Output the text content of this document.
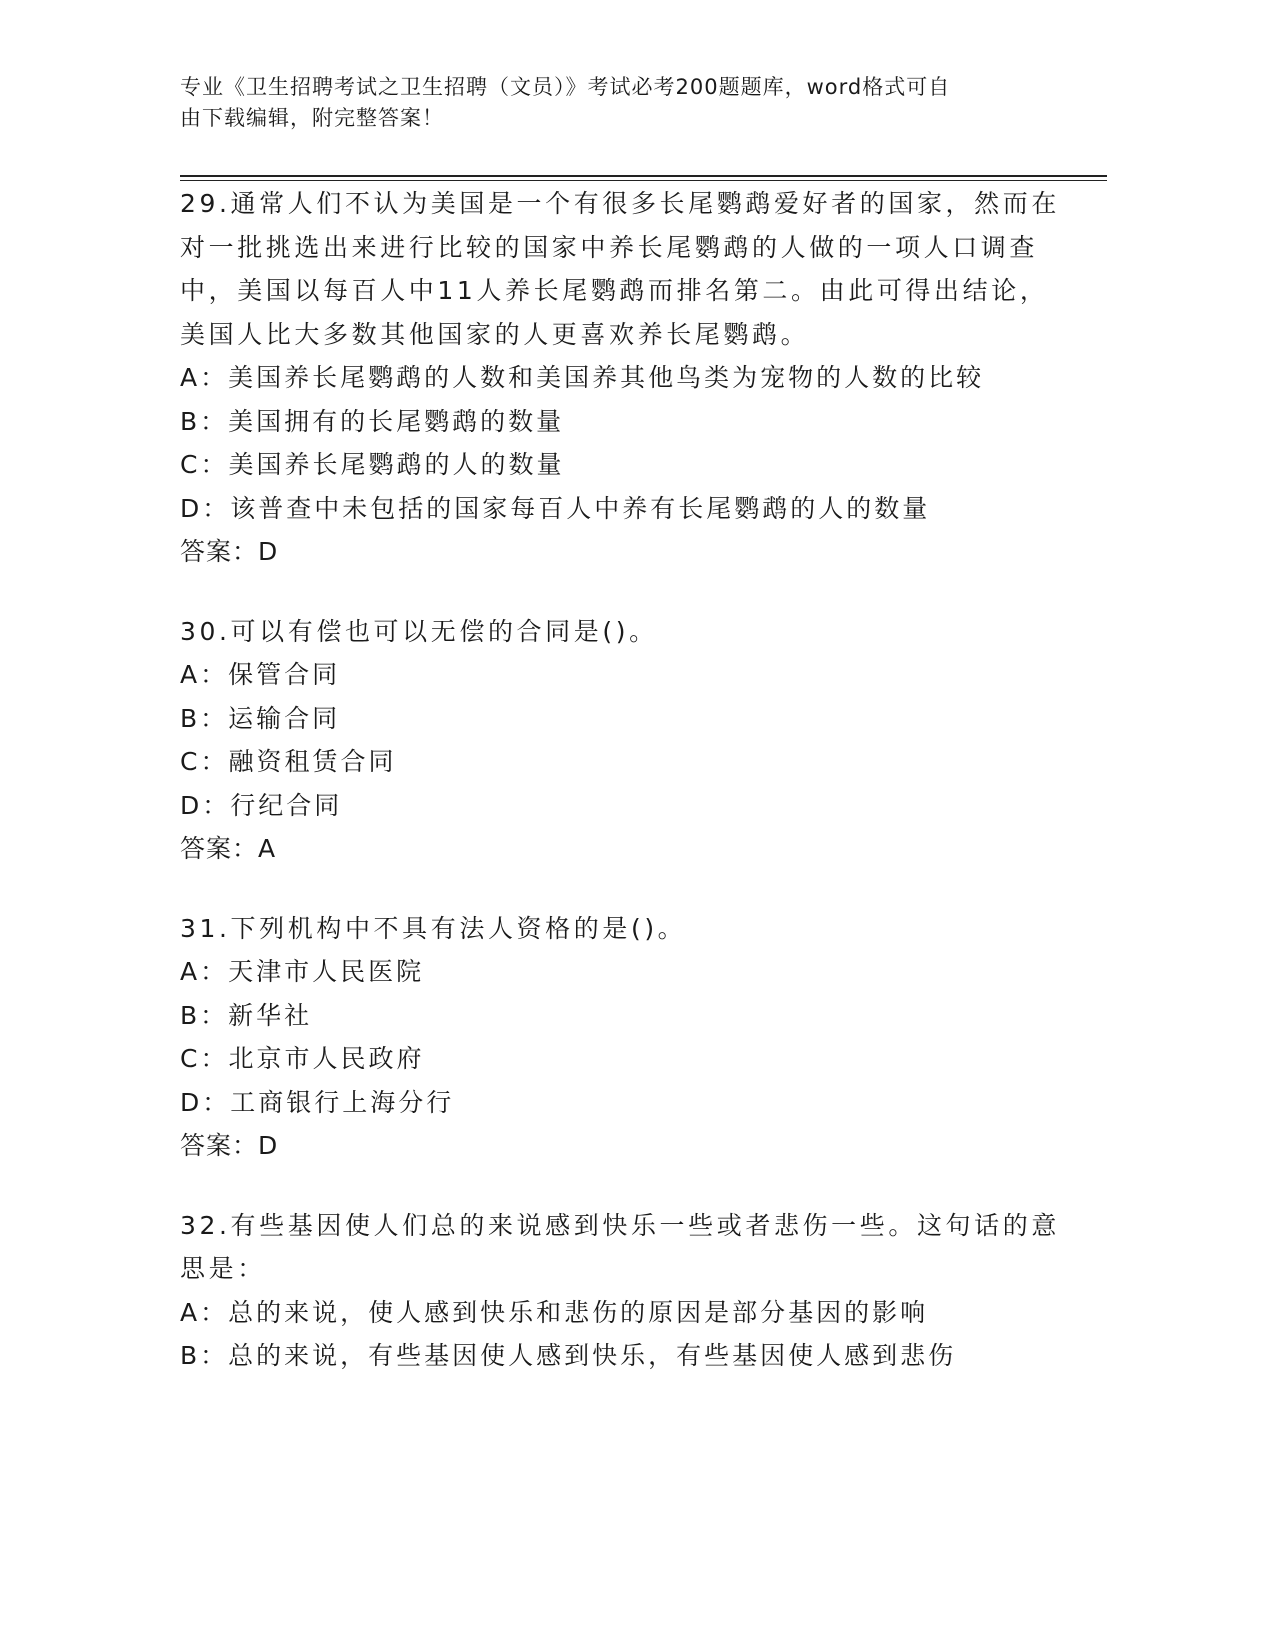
专业《卫生招聘考试之卫生招聘（文员）》考试必考200题题库，word格式可自
由下载编辑，附完整答案！
29.通常人们不认为美国是一个有很多长尾鹦鹉爱好者的国家，然而在
对一批挑选出来进行比较的国家中养长尾鹦鹉的人做的一项人口调查
中，美国以每百人中11人养长尾鹦鹉而排名第二。由此可得出结论，
美国人比大多数其他国家的人更喜欢养长尾鹦鹉。
A：美国养长尾鹦鹉的人数和美国养其他鸟类为宠物的人数的比较
B：美国拥有的长尾鹦鹉的数量
C：美国养长尾鹦鹉的人的数量
D：该普查中未包括的国家每百人中养有长尾鹦鹉的人的数量
答案：D
30.可以有偿也可以无偿的合同是()。
A：保管合同
B：运输合同
C：融资租赁合同
D：行纪合同
答案：A
31.下列机构中不具有法人资格的是()。
A：天津市人民医院
B：新华社
C：北京市人民政府
D：工商银行上海分行
答案：D
32.有些基因使人们总的来说感到快乐一些或者悲伤一些。这句话的意
思是：
A：总的来说，使人感到快乐和悲伤的原因是部分基因的影响
B：总的来说，有些基因使人感到快乐，有些基因使人感到悲伤
